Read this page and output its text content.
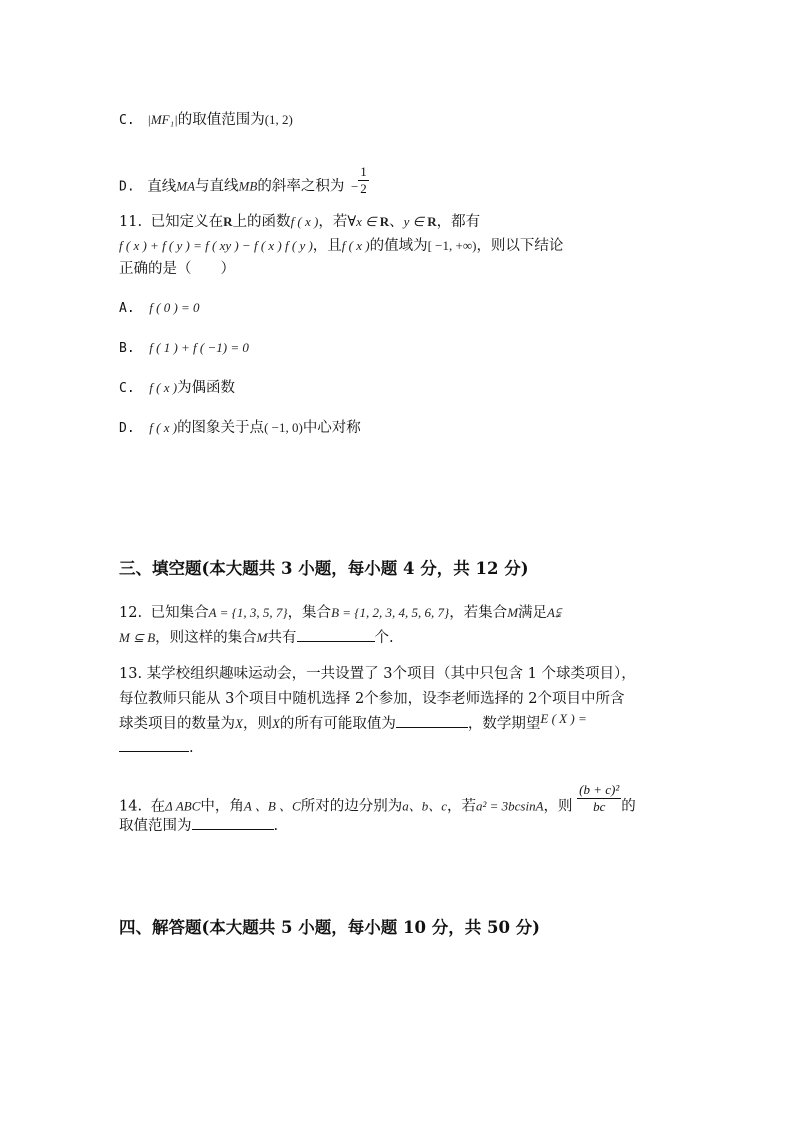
C. |MF₁|的取值范围为(1, 2)
D. 直线MA与直线MB的斜率之积为 − $\frac{1}{2}$
11. 已知定义在R上的函数f ( x )，若∀x ∈ R、y ∈ R，都有
f ( x ) + f ( y ) = f ( xy ) − f ( x ) f ( y )，且f ( x )的值域为[ −1, +∞)，则以下结论
正确的是（　　）
A. f ( 0 ) = 0
B. f ( 1 ) + f ( −1) = 0
C. f ( x )为偶函数
D. f ( x )的图象关于点( −1, 0)中心对称
三、填空题(本大题共 3 小题，每小题 4 分，共 12 分)
12. 已知集合A = {1, 3, 5, 7}，集合B = {1, 2, 3, 4, 5, 6, 7}，若集合M满足A⫋
M ⊆ B，则这样的集合M共有	个.
13. 某学校组织趣味运动会，一共设置了 3个项目（其中只包含 1 个球类项目），
每位教师只能从 3个项目中随机选择 2个参加，设李老师选择的 2个项目中所含
球类项目的数量为X，则X的所有可能取值为	，数学期望E ( X ) =
.
14. 在Δ ABC中，角A 、B 、C所对的边分别为a、b、c，若a² = 3bcsinA，则 $\frac{\text{(b + c)²}}{bc}$ 的
取值范围为	.
四、解答题(本大题共 5 小题，每小题 10 分，共 50 分)
